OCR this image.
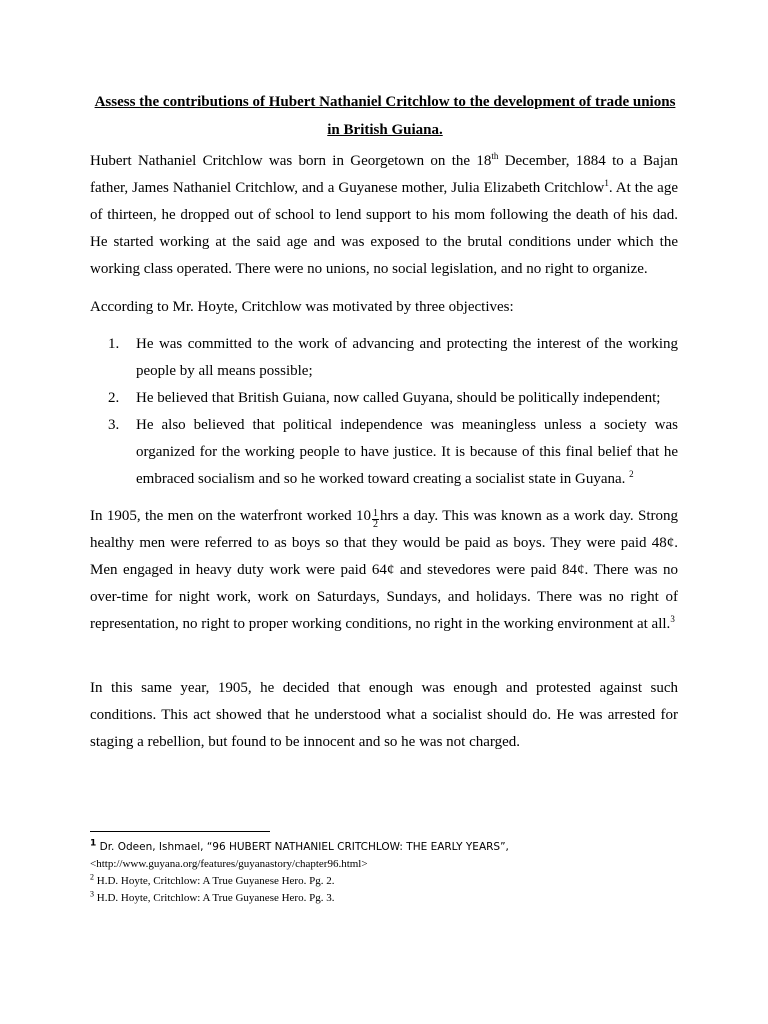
Assess the contributions of Hubert Nathaniel Critchlow to the development of trade unions in British Guiana.

Hubert Nathaniel Critchlow was born in Georgetown on the 18th December, 1884 to a Bajan father, James Nathaniel Critchlow, and a Guyanese mother, Julia Elizabeth Critchlow$^1$. At the age of thirteen, he dropped out of school to lend support to his mom following the death of his dad. He started working at the said age and was exposed to the brutal conditions under which the working class operated. There were no unions, no social legislation, and no right to organize.

According to Mr. Hoyte, Critchlow was motivated by three objectives:

1. He was committed to the work of advancing and protecting the interest of the working people by all means possible;
2. He believed that British Guiana, now called Guyana, should be politically independent;
3. He also believed that political independence was meaningless unless a society was organized for the working people to have justice. It is because of this final belief that he embraced socialism and so he worked toward creating a socialist state in Guyana. $^2$

In 1905, the men on the waterfront worked $10 \frac{1}{2}$ hrs a day. This was known as a work day. Strong healthy men were referred to as boys so that they would be paid as boys. They were paid 48¢. Men engaged in heavy duty work were paid 64¢ and stevedores were paid 84¢. There was no over-time for night work, work on Saturdays, Sundays, and holidays. There was no right of representation, no right to proper working conditions, no right in the working environment at all.$^3$

In this same year, 1905, he decided that enough was enough and protested against such conditions. This act showed that he understood what a socialist should do. He was arrested for staging a rebellion, but found to be innocent and so he was not charged.

$^1$ Dr. Odeen, Ishmael, “96 HUBERT NATHANIEL CRITCHLOW: THE EARLY YEARS”,
<http://www.guyana.org/features/guyanastory/chapter96.html>
$^2$ H.D. Hoyte, Critchlow: A True Guyanese Hero. Pg. 2.
$^3$ H.D. Hoyte, Critchlow: A True Guyanese Hero. Pg. 3.
